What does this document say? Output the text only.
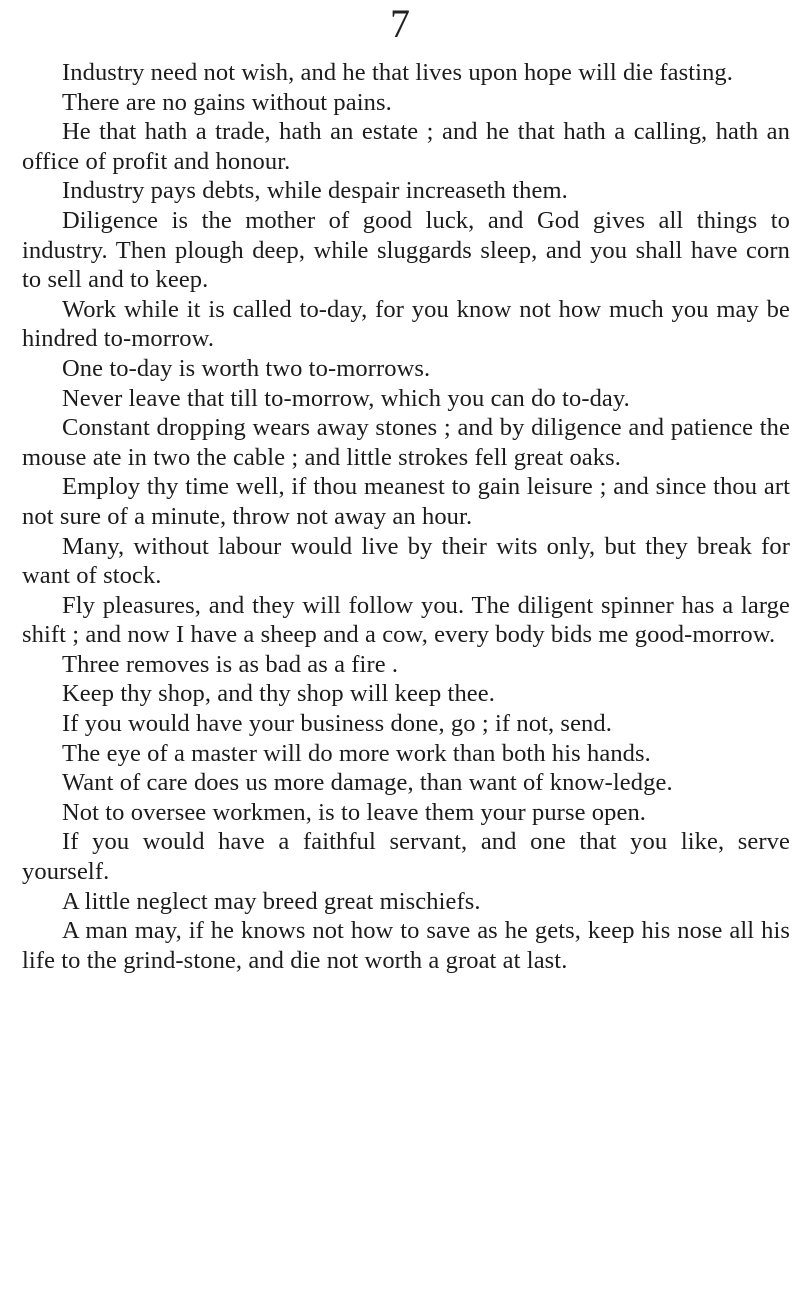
7

Industry need not wish, and he that lives upon hope will die fasting.

There are no gains without pains.

He that hath a trade, hath an estate ; and he that hath a calling, hath an office of profit and honour.

Industry pays debts, while despair increaseth them.

Diligence is the mother of good luck, and God gives all things to industry. Then plough deep, while sluggards sleep, and you shall have corn to sell and to keep.

Work while it is called to-day, for you know not how much you may be hindred to-morrow.

One to-day is worth two to-morrows.

Never leave that till to-morrow, which you can do to-day.

Constant dropping wears away stones ; and by diligence and patience the mouse ate in two the cable ; and little strokes fell great oaks.

Employ thy time well, if thou meanest to gain leisure ; and since thou art not sure of a minute, throw not away an hour.

Many, without labour would live by their wits only, but they break for want of stock.

Fly pleasures, and they will follow you. The diligent spinner has a large shift ; and now I have a sheep and a cow, every body bids me good-morrow.

Three removes is as bad as a fire .

Keep thy shop, and thy shop will keep thee.

If you would have your business done, go ; if not, send.

The eye of a master will do more work than both his hands.

Want of care does us more damage, than want of know-ledge.

Not to oversee workmen, is to leave them your purse open.

If you would have a faithful servant, and one that you like, serve yourself.

A little neglect may breed great mischiefs.

A man may, if he knows not how to save as he gets, keep his nose all his life to the grind-stone, and die not worth a groat at last.
